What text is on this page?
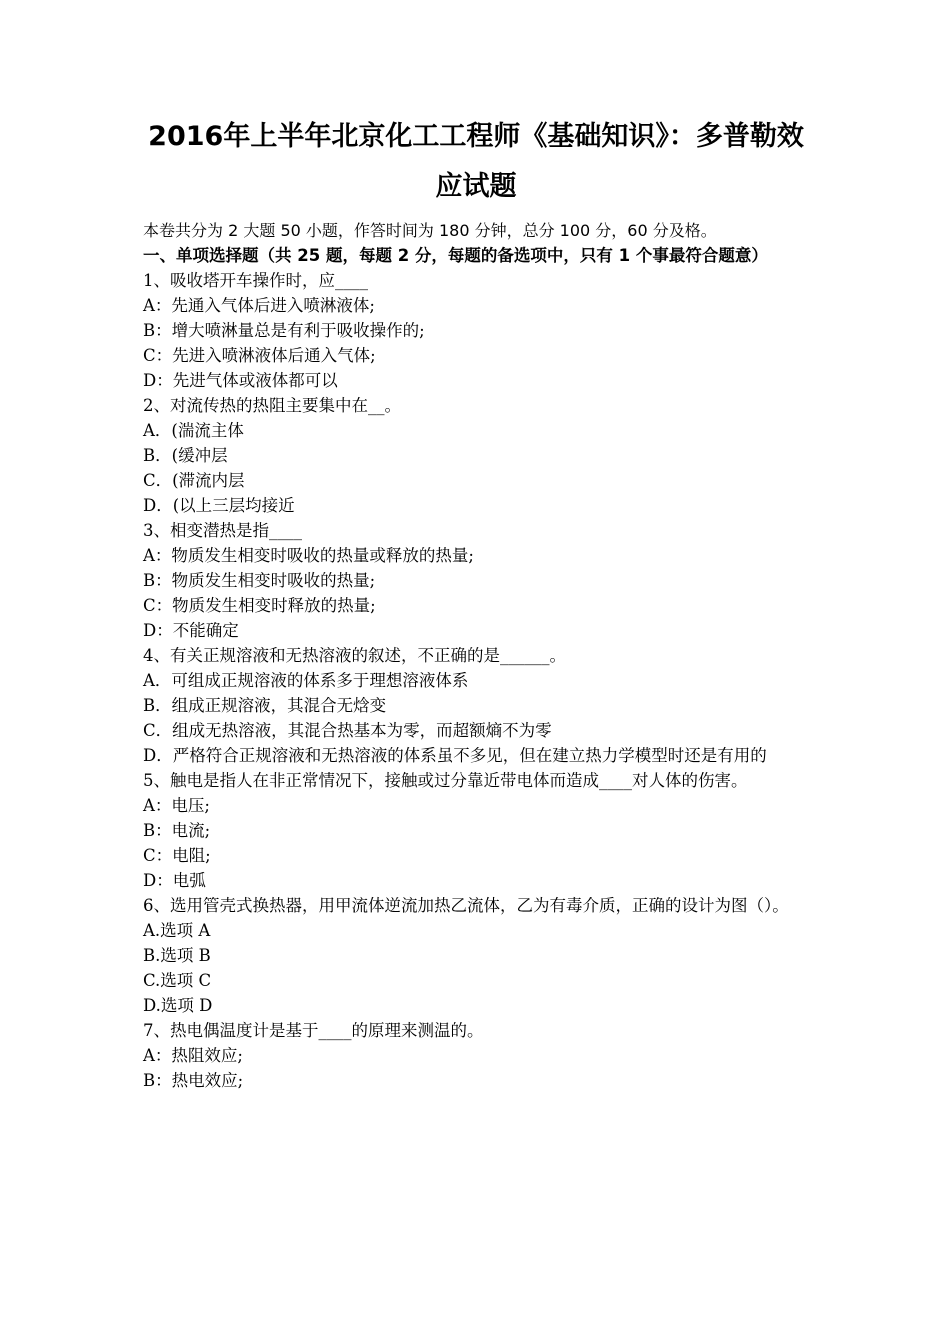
2016年上半年北京化工工程师《基础知识》：多普勒效应试题
本卷共分为 2 大题 50 小题，作答时间为 180 分钟，总分 100 分，60 分及格。
一、单项选择题（共 25 题，每题 2 分，每题的备选项中，只有 1 个事最符合题意）
1、吸收塔开车操作时，应____
A：先通入气体后进入喷淋液体;
B：增大喷淋量总是有利于吸收操作的;
C：先进入喷淋液体后通入气体;
D：先进气体或液体都可以
2、对流传热的热阻主要集中在__。
A．(湍流主体
B．(缓冲层
C．(滞流内层
D．(以上三层均接近
3、相变潜热是指____
A：物质发生相变时吸收的热量或释放的热量;
B：物质发生相变时吸收的热量;
C：物质发生相变时释放的热量;
D：不能确定
4、有关正规溶液和无热溶液的叙述，不正确的是______。
A．可组成正规溶液的体系多于理想溶液体系
B．组成正规溶液，其混合无焓变
C．组成无热溶液，其混合热基本为零，而超额熵不为零
D．严格符合正规溶液和无热溶液的体系虽不多见，但在建立热力学模型时还是有用的
5、触电是指人在非正常情况下，接触或过分靠近带电体而造成____对人体的伤害。
A：电压;
B：电流;
C：电阻;
D：电弧
6、选用管壳式换热器，用甲流体逆流加热乙流体，乙为有毒介质，正确的设计为图（）。
A.选项 A
B.选项 B
C.选项 C
D.选项 D
7、热电偶温度计是基于____的原理来测温的。
A：热阻效应;
B：热电效应;
